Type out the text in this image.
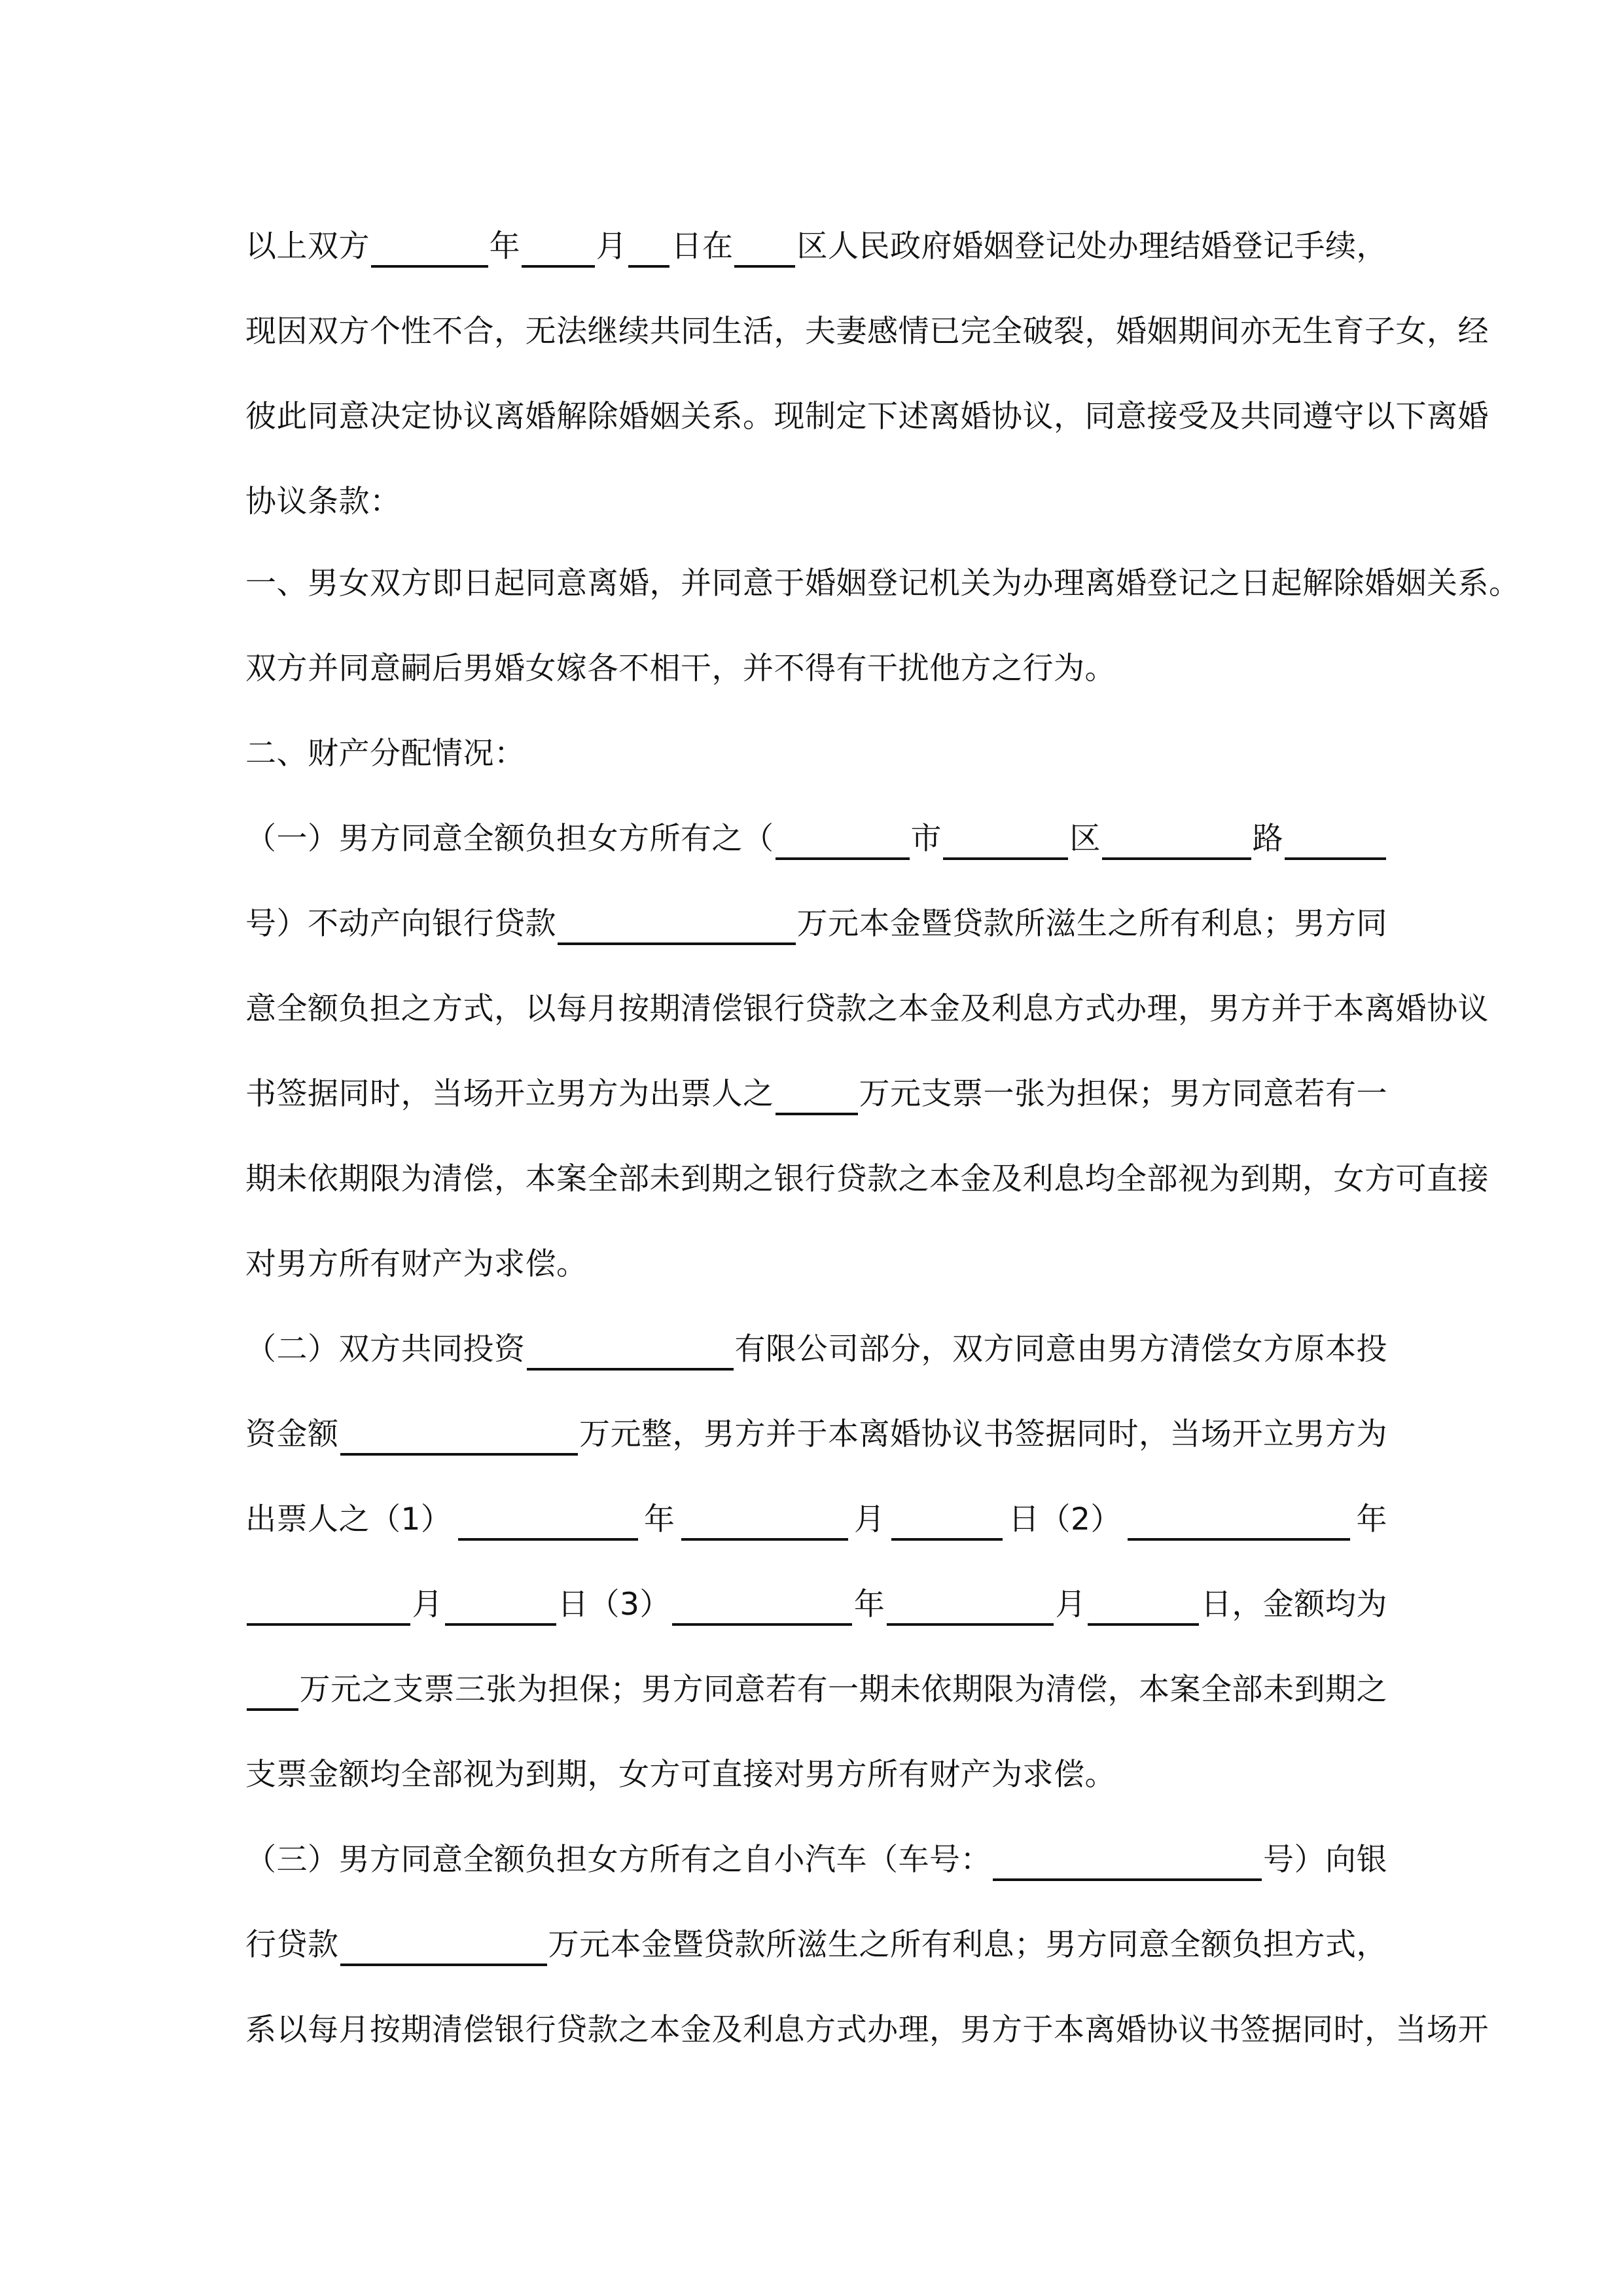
以上双方	年 月 日在 区人民政府婚姻登记处办理结婚登记手续，
现因双方个性不合，无法继续共同生活，夫妻感情已完全破裂，婚姻期间亦无生育子女，经
彼此同意决定协议离婚解除婚姻关系。现制定下述离婚协议，同意接受及共同遵守以下离婚
协议条款：
一、男女双方即日起同意离婚，并同意于婚姻登记机关为办理离婚登记之日起解除婚姻关系。
双方并同意嗣后男婚女嫁各不相干，并不得有干扰他方之行为。
二、财产分配情况：
（一）男方同意全额负担女方所有之（	市	区	路
号）不动产向银行贷款	万元本金暨贷款所滋生之所有利息；男方同
意全额负担之方式，以每月按期清偿银行贷款之本金及利息方式办理，男方并于本离婚协议
书签据同时，当场开立男方为出票人之	万元支票一张为担保；男方同意若有一
期未依期限为清偿，本案全部未到期之银行贷款之本金及利息均全部视为到期，女方可直接
对男方所有财产为求偿。
（二）双方共同投资	有限公司部分，双方同意由男方清偿女方原本投
资金额	万元整，男方并于本离婚协议书签据同时，当场开立男方为
出票人之（1）	年	月	日（2）	年
月	日（3）	年	月	日，金额均为
万元之支票三张为担保；男方同意若有一期未依期限为清偿，本案全部未到期之
支票金额均全部视为到期，女方可直接对男方所有财产为求偿。
（三）男方同意全额负担女方所有之自小汽车（车号：	号）向银
行贷款	万元本金暨贷款所滋生之所有利息；男方同意全额负担方式，
系以每月按期清偿银行贷款之本金及利息方式办理，男方于本离婚协议书签据同时，当场开
